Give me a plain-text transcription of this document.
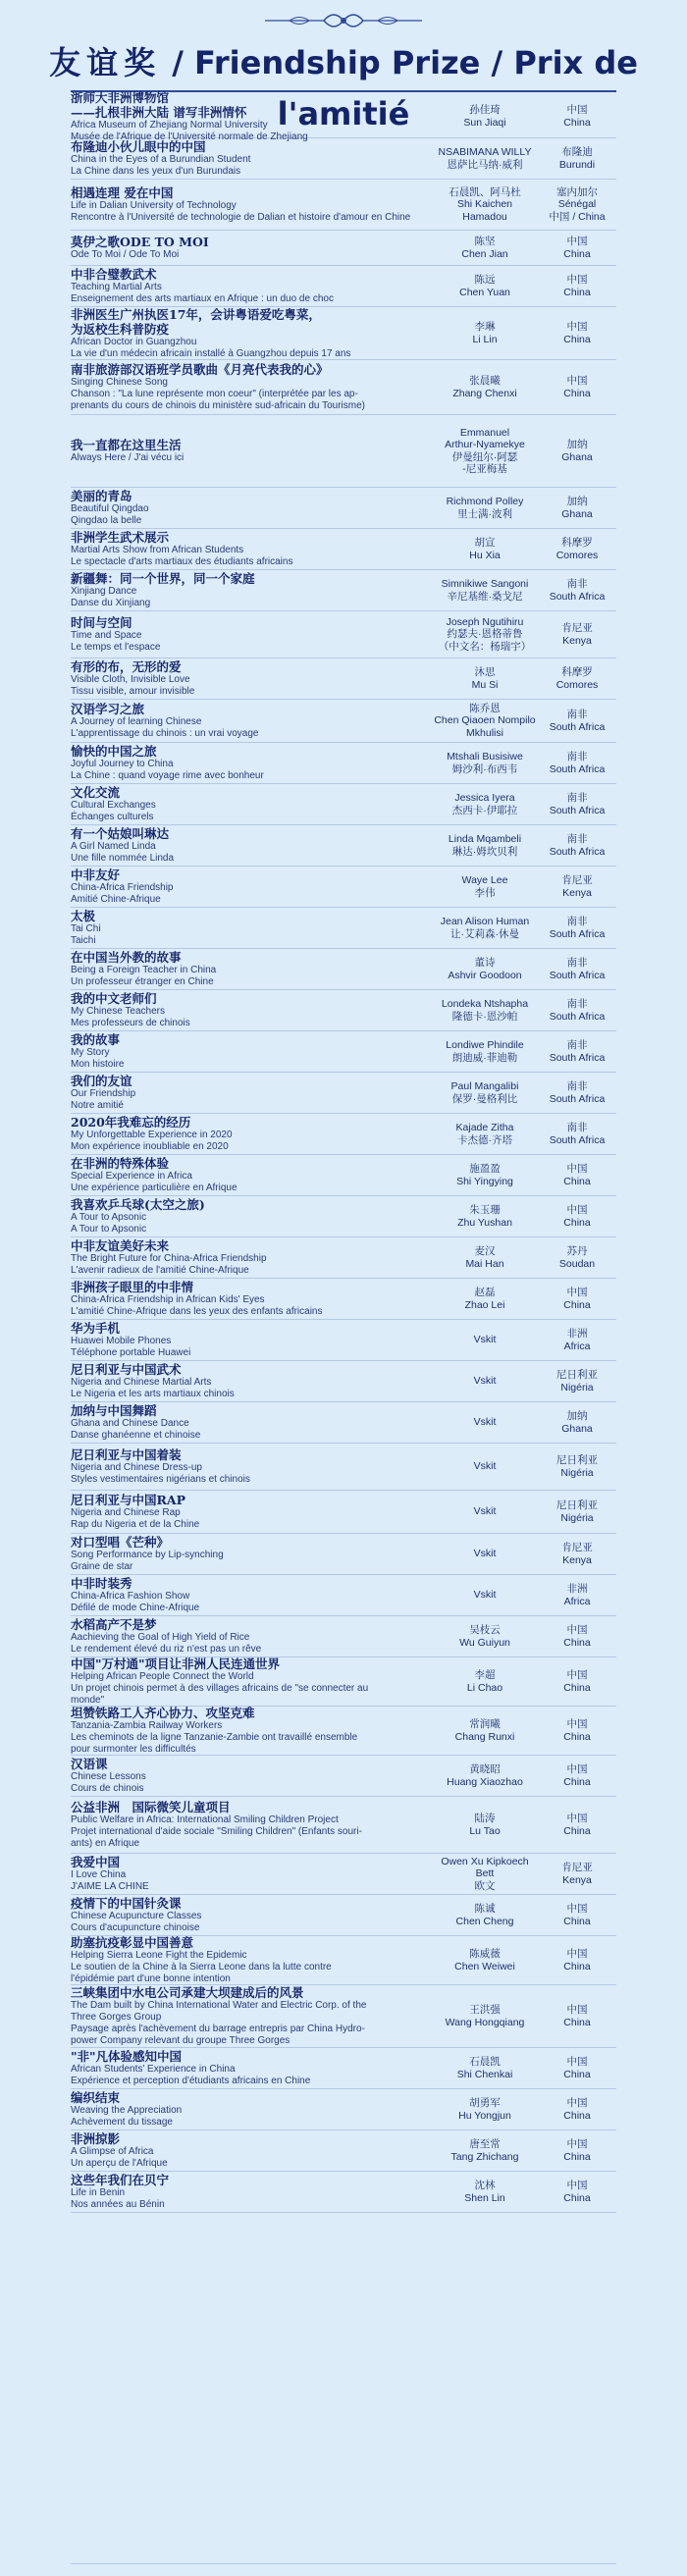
友谊奖 / Friendship Prize / Prix de l'amitié
浙师大非洲博物馆
——扎根非洲大陆 谱写非洲情怀
Africa Museum of Zhejiang Normal University
Musée de l'Afrique de l'Université normale de Zhejiang
孙佳琦
Sun Jiaqi
中国
China
布隆迪小伙儿眼中的中国
China in the Eyes of a Burundian Student
La Chine dans les yeux d'un Burundais
NSABIMANA WILLY
恩萨比马纳·威利
布隆迪
Burundi
相遇连理 爱在中国
Life in Dalian University of Technology
Rencontre à l'Université de technologie de Dalian et histoire d'amour en Chine
石晨凯、阿马杜
Shi Kaichen
Hamadou
塞内加尔
Sénégal
中国 / China
莫伊之歌ODE TO MOI
Ode To Moi / Ode To Moi
陈坚
Chen Jian
中国
China
中非合璧教武术
Teaching Martial Arts
Enseignement des arts martiaux en Afrique : un duo de choc
陈远
Chen Yuan
中国
China
非洲医生广州执医17年，会讲粤语爱吃粤菜，
为返校生科普防疫
African Doctor in Guangzhou
La vie d'un médecin africain installé à Guangzhou depuis 17 ans
李琳
Li Lin
中国
China
南非旅游部汉语班学员歌曲《月亮代表我的心》
Singing Chinese Song
Chanson : "La lune représente mon coeur" (interprétée par les ap-
prenants du cours de chinois du ministère sud-africain du Tourisme)
张晨曦
Zhang Chenxi
中国
China
我一直都在这里生活
Always Here / J'ai vécu ici
Emmanuel
Arthur-Nyamekye
伊曼纽尔·阿瑟
-尼亚梅基
加纳
Ghana
美丽的青岛
Beautiful Qingdao
Qingdao la belle
Richmond Polley
里士满·波利
加纳
Ghana
非洲学生武术展示
Martial Arts Show from African Students
Le spectacle d'arts martiaux des étudiants africains
胡宣
Hu Xia
科摩罗
Comores
新疆舞：同一个世界，同一个家庭
Xinjiang Dance
Danse du Xinjiang
Simnikiwe Sangoni
辛尼基维·桑戈尼
南非
South Africa
时间与空间
Time and Space
Le temps et l'espace
Joseph Ngutihiru
约瑟夫·恩格蒂鲁
（中文名：杨瑞宇）
肯尼亚
Kenya
有形的布，无形的爱
Visible Cloth, Invisible Love
Tissu visible, amour invisible
沐思
Mu Si
科摩罗
Comores
汉语学习之旅
A Journey of learning Chinese
L'apprentissage du chinois : un vrai voyage
陈乔恩
Chen Qiaoen Nompilo
Mkhulisi
南非
South Africa
愉快的中国之旅
Joyful Journey to China
La Chine : quand voyage rime avec bonheur
Mtshali Busisiwe
姆沙利·布西韦
南非
South Africa
文化交流
Cultural Exchanges
Échanges culturels
Jessica Iyera
杰西卡·伊耶拉
南非
South Africa
有一个姑娘叫琳达
A Girl Named Linda
Une fille nommée Linda
Linda Mqambeli
琳达·姆坎贝利
南非
South Africa
中非友好
China-Africa Friendship
Amitié Chine-Afrique
Waye Lee
李伟
肯尼亚
Kenya
太极
Tai Chi
Taichi
Jean Alison Human
让·艾莉森·休曼
南非
South Africa
在中国当外教的故事
Being a Foreign Teacher in China
Un professeur étranger en Chine
董诗
Ashvir Goodoon
南非
South Africa
我的中文老师们
My Chinese Teachers
Mes professeurs de chinois
Londeka Ntshapha
隆德卡·恩沙帕
南非
South Africa
我的故事
My Story
Mon histoire
Londiwe Phindile
朗迪威·菲迪勒
南非
South Africa
我们的友谊
Our Friendship
Notre amitié
Paul Mangalibi
保罗·曼格利比
南非
South Africa
2020年我难忘的经历
My Unforgettable Experience in 2020
Mon expérience inoubliable en 2020
Kajade Zitha
卡杰德·齐塔
南非
South Africa
在非洲的特殊体验
Special Experience in Africa
Une expérience particulière en Afrique
施盈盈
Shi Yingying
中国
China
我喜欢乒乓球(太空之旅)
A Tour to Apsonic
A Tour to Apsonic
朱玉珊
Zhu Yushan
中国
China
中非友谊美好未来
The Bright Future for China-Africa Friendship
L'avenir radieux de l'amitié Chine-Afrique
麦汉
Mai Han
苏丹
Soudan
非洲孩子眼里的中非情
China-Africa Friendship in African Kids' Eyes
L'amitié Chine-Afrique dans les yeux des enfants africains
赵磊
Zhao Lei
中国
China
华为手机
Huawei Mobile Phones
Téléphone portable Huawei
Vskit
非洲
Africa
尼日利亚与中国武术
Nigeria and Chinese Martial Arts
Le Nigeria et les arts martiaux chinois
Vskit
尼日利亚
Nigéria
加纳与中国舞蹈
Ghana and Chinese Dance
Danse ghanéenne et chinoise
Vskit
加纳
Ghana
尼日利亚与中国着装
Nigeria and Chinese Dress-up
Styles vestimentaires nigérians et chinois
Vskit
尼日利亚
Nigéria
尼日利亚与中国RAP
Nigeria and Chinese Rap
Rap du Nigeria et de la Chine
Vskit
尼日利亚
Nigéria
对口型唱《芒种》
Song Performance by Lip-synching
Graine de star
Vskit
肯尼亚
Kenya
中非时装秀
China-Africa Fashion Show
Défilé de mode Chine-Afrique
Vskit
非洲
Africa
水稻高产不是梦
Aachieving the Goal of High Yield of Rice
Le rendement élevé du riz n'est pas un rêve
吴枝云
Wu Guiyun
中国
China
中国"万村通"项目让非洲人民连通世界
Helping African People Connect the World
Un projet chinois permet à des villages africains de "se connecter au
monde"
李超
Li Chao
中国
China
坦赞铁路工人齐心协力、攻坚克难
Tanzania-Zambia Railway Workers
Les cheminots de la ligne Tanzanie-Zambie ont travaillé ensemble
pour surmonter les difficultés
常润曦
Chang Runxi
中国
China
汉语课
Chinese Lessons
Cours de chinois
黄晓昭
Huang Xiaozhao
中国
China
公益非洲　国际微笑儿童项目
Public Welfare in Africa: International Smiling Children Project
Projet international d'aide sociale "Smiling Children" (Enfants souri-
ants) en Afrique
陆涛
Lu Tao
中国
China
我爱中国
I Love China
J'AIME LA CHINE
Owen Xu Kipkoech Bett
欧文
肯尼亚
Kenya
疫情下的中国针灸课
Chinese Acupuncture Classes
Cours d'acupuncture chinoise
陈诚
Chen Cheng
中国
China
助塞抗疫彰显中国善意
Helping Sierra Leone Fight the Epidemic
Le soutien de la Chine à la Sierra Leone dans la lutte contre
l'épidémie part d'une bonne intention
陈威薇
Chen Weiwei
中国
China
三峡集团中水电公司承建大坝建成后的风景
The Dam built by China International Water and Electric Corp. of the
Three Gorges Group
Paysage après l'achèvement du barrage entrepris par China Hydro-
power Company relevant du groupe Three Gorges
王洪强
Wang Hongqiang
中国
China
"非"凡体验感知中国
African Students' Experience in China
Expérience et perception d'étudiants africains en Chine
石晨凯
Shi Chenkai
中国
China
编织结束
Weaving the Appreciation
Achèvement du tissage
胡勇军
Hu Yongjun
中国
China
非洲掠影
A Glimpse of Africa
Un aperçu de l'Afrique
唐至常
Tang Zhichang
中国
China
这些年我们在贝宁
Life in Benin
Nos années au Bénin
沈林
Shen Lin
中国
China
